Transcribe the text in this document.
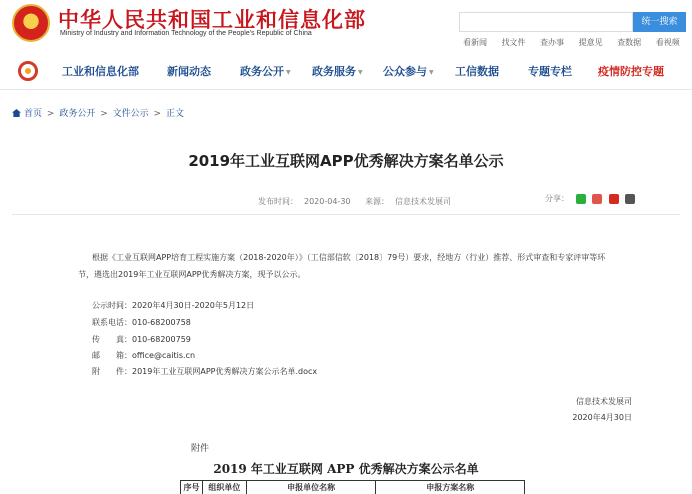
★
中华人民共和国工业和信息化部
Ministry of Industry and Information Technology of the People's Republic of China
统一搜索
看新闻 找文件 查办事 提意见 查数据 看视频
工业和信息化部	新闻动态	政务公开 ▼ 政务服务 ▼ 公众参与 ▼ 工信数据	专题专栏 疫情防控专题
首页 > 政务公开 > 文件公示 > 正文
2019年工业互联网APP优秀解决方案名单公示
发布时间： 2020-04-30 来源： 信息技术发展司	分享：
根据《工业互联网APP培育工程实施方案（2018-2020年）》（工信部信软〔2018〕79号）要求，经地方（行业）推荐、形式审查和专家评审等环节，遴选出2019年工业互联网APP优秀解决方案，现予以公示。
公示时间：2020年4月30日-2020年5月12日
联系电话：010-68200758
传　　真：010-68200759
邮　　箱：office@caitis.cn
附　　件：2019年工业互联网APP优秀解决方案公示名单.docx
信息技术发展司
2020年4月30日
附件
2019 年工业互联网 APP 优秀解决方案公示名单
序号	组织单位	申报单位名称	申报方案名称
